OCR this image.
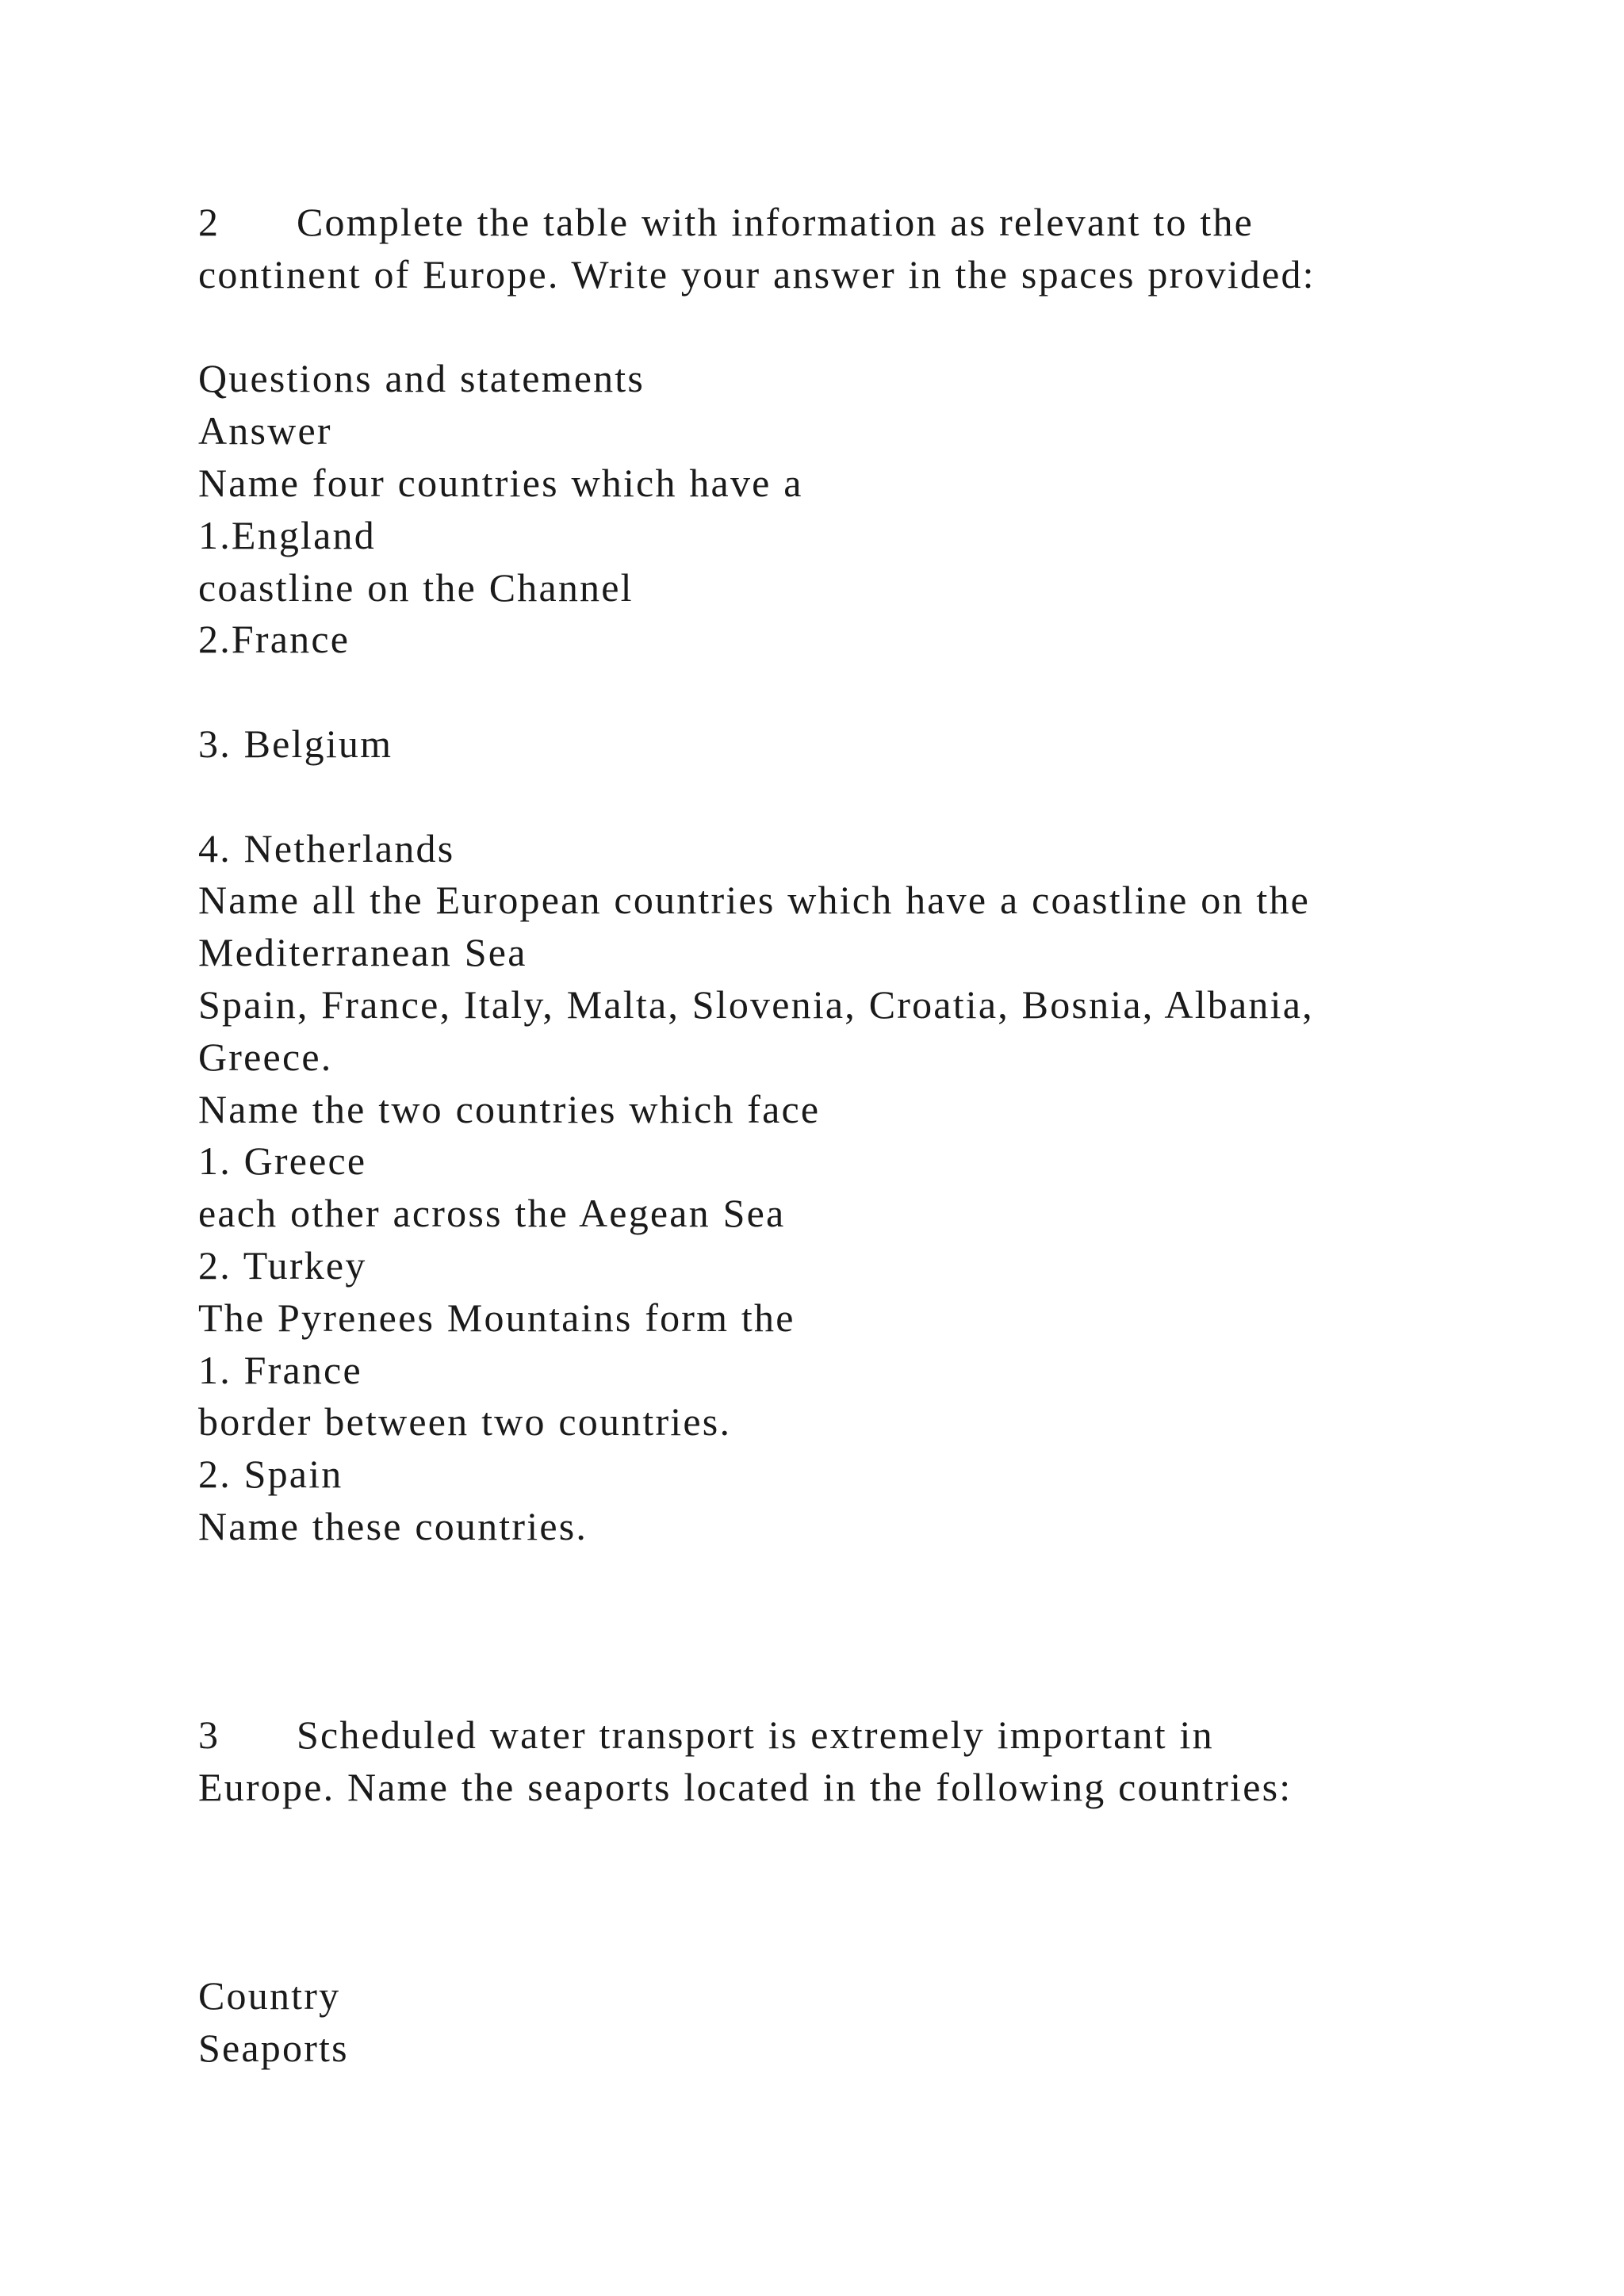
2 Complete the table with information as relevant to the
continent of Europe. Write your answer in the spaces provided:
Questions and statements
Answer
Name four countries which have a
1.England
coastline on the Channel
2.France
3. Belgium
4. Netherlands
Name all the European countries which have a coastline on the
Mediterranean Sea
Spain, France, Italy, Malta, Slovenia, Croatia, Bosnia, Albania,
Greece.
Name the two countries which face
1. Greece
each other across the Aegean Sea
2. Turkey
The Pyrenees Mountains form the
1. France
border between two countries.
2. Spain
Name these countries.
3 Scheduled water transport is extremely important in
Europe. Name the seaports located in the following countries:
Country
Seaports
